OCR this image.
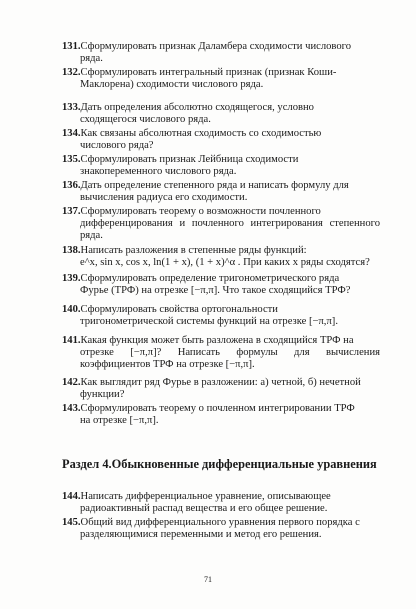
131.Сформулировать признак Даламбера сходимости числового
ряда.
132.Сформулировать интегральный признак (признак Коши-
Маклорена) сходимости числового ряда.
133.Дать определения абсолютно сходящегося, условно
сходящегося числового ряда.
134.Как связаны абсолютная сходимость со сходимостью
числового ряда?
135.Сформулировать признак Лейбница сходимости
знакопеременного числового ряда.
136.Дать определение степенного ряда и написать формулу для
вычисления радиуса его сходимости.
137.Сформулировать теорему о возможности почленного
дифференцирования и почленного интегрирования степенного ряда.
138.Написать разложения в степенные ряды функций:
e^x, sin x, cos x, ln(1 + x), (1 + x)^α . При каких x ряды сходятся?
139.Сформулировать определение тригонометрического ряда
Фурье (ТРФ) на отрезке [−π,π]. Что такое сходящийся ТРФ?
140.Сформулировать свойства ортогональности
тригонометрической системы функций на отрезке [−π,π].
141.Какая функция может быть разложена в сходящийся ТРФ на
отрезке [−π,π]? Написать формулы для вычисления коэффициентов ТРФ на отрезке [−π,π].
142.Как выглядит ряд Фурье в разложении: а) четной, б) нечетной
функции?
143.Сформулировать теорему о почленном интегрировании ТРФ
на отрезке [−π,π].
Раздел 4.Обыкновенные дифференциальные уравнения
144.Написать дифференциальное уравнение, описывающее
радиоактивный распад вещества и его общее решение.
145.Общий вид дифференциального уравнения первого порядка с
разделяющимися переменными и метод его решения.
71
